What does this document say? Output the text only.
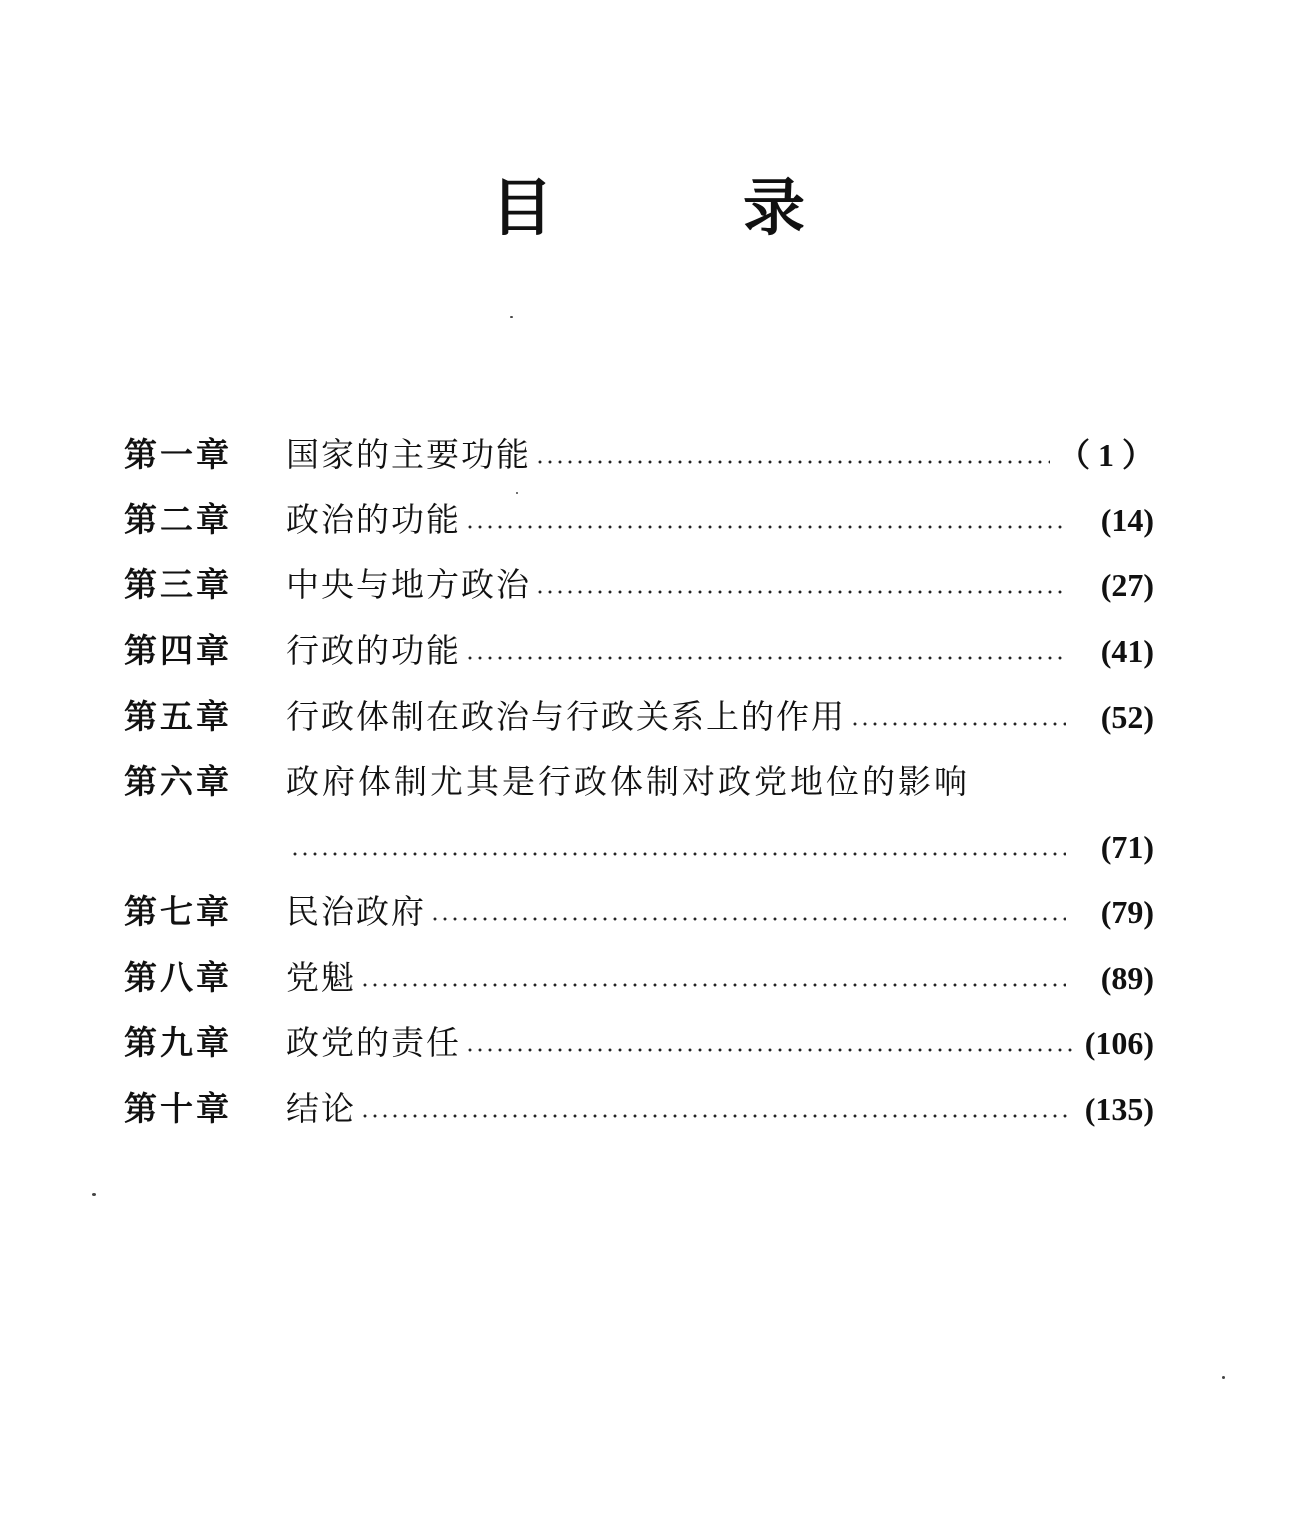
目　录
第一章	国家的主要功能	（ 1 ）
第二章	政治的功能	(14)
第三章	中央与地方政治	(27)
第四章	行政的功能	(41)
第五章	行政体制在政治与行政关系上的作用	(52)
第六章	政府体制尤其是行政体制对政党地位的影响
(71)
第七章	民治政府	(79)
第八章	党魁	(89)
第九章	政党的责任	(106)
第十章	结论	(135)
